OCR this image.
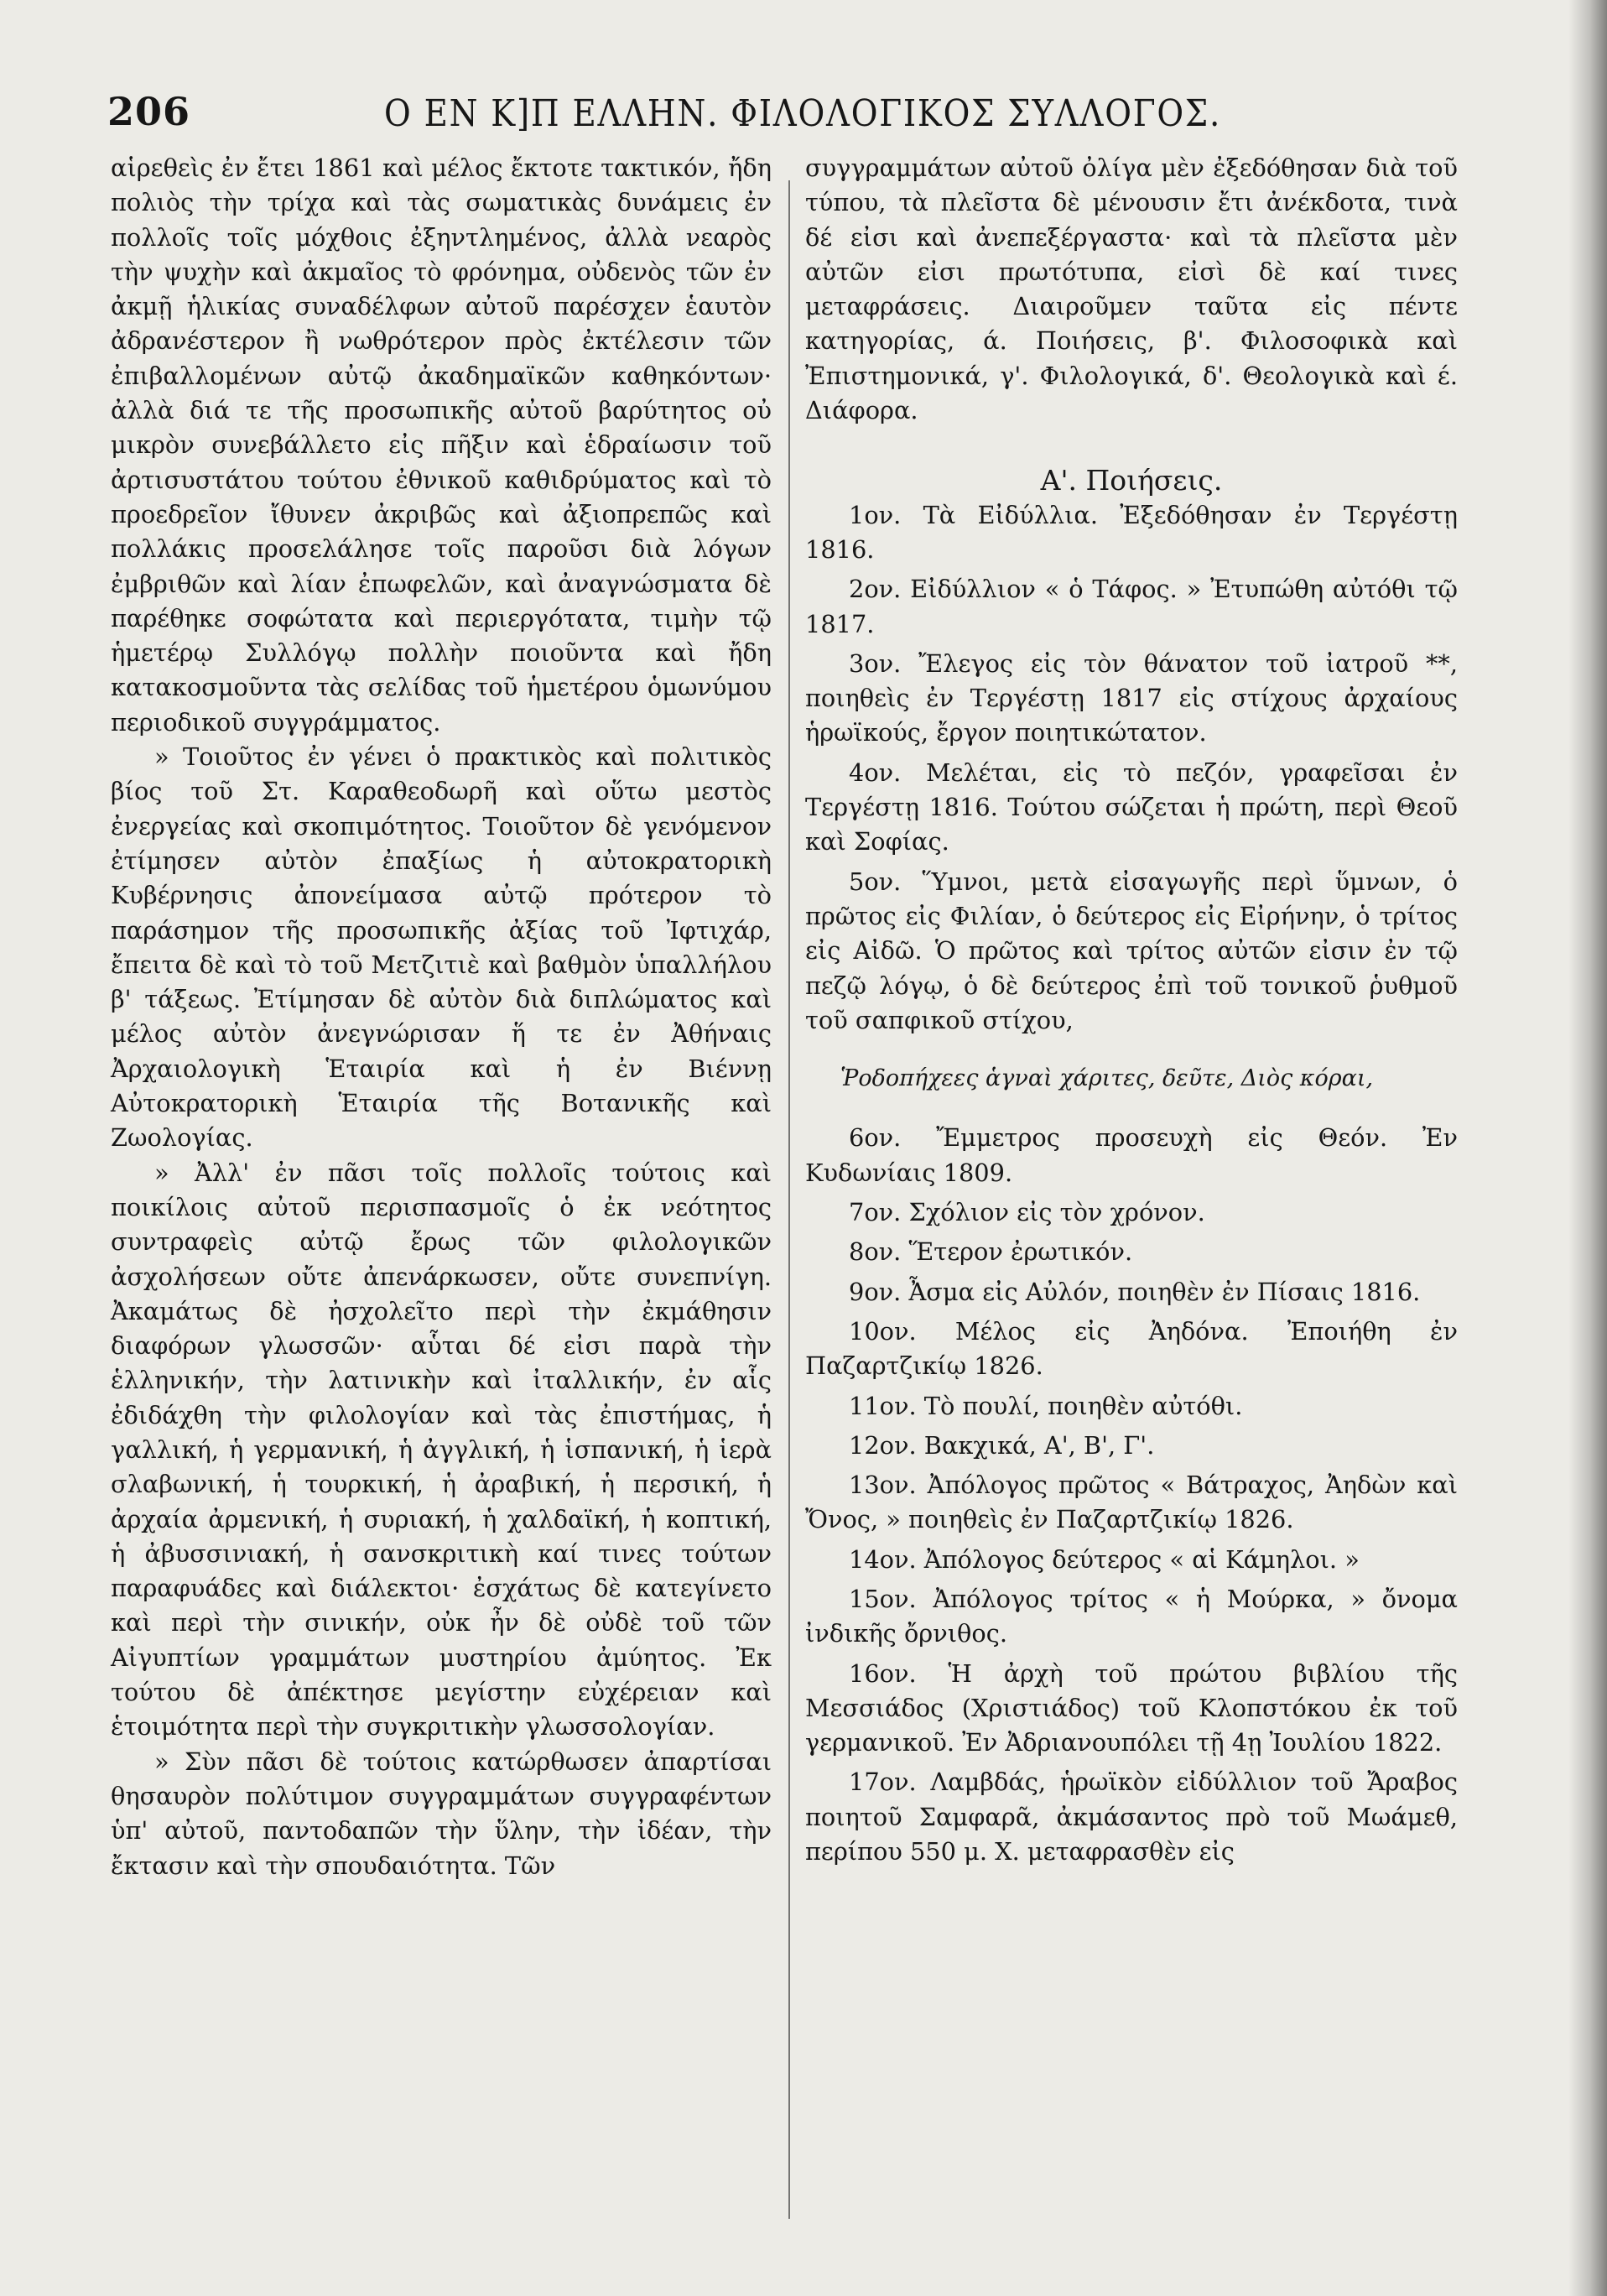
206	Ο ΕΝ Κ]Π ΕΛΛΗΝ. ΦΙΛΟΛΟΓΙΚΟΣ ΣΥΛΛΟΓΟΣ.

αἱρεθεὶς ἐν ἔτει 1861 καὶ μέλος ἔκτοτε τακτικόν, ἤδη πολιὸς τὴν τρίχα καὶ τὰς σωματικὰς δυνάμεις ἐν πολλοῖς τοῖς μόχθοις ἐξηντλημένος, ἀλλὰ νεαρὸς τὴν ψυχὴν καὶ ἀκμαῖος τὸ φρόνημα, οὐδενὸς τῶν ἐν ἀκμῇ ἡλικίας συναδέλφων αὐτοῦ παρέσχεν ἑαυτὸν ἀδρανέστερον ἢ νωθρότερον πρὸς ἐκτέλεσιν τῶν ἐπιβαλλομένων αὐτῷ ἀκαδημαϊκῶν καθηκόντων· ἀλλὰ διά τε τῆς προσωπικῆς αὐτοῦ βαρύτητος οὐ μικρὸν συνεβάλλετο εἰς πῆξιν καὶ ἑδραίωσιν τοῦ ἀρτισυστάτου τούτου ἐθνικοῦ καθιδρύματος καὶ τὸ προεδρεῖον ἴθυνεν ἀκριβῶς καὶ ἀξιοπρεπῶς καὶ πολλάκις προσελάλησε τοῖς παροῦσι διὰ λόγων ἐμβριθῶν καὶ λίαν ἐπωφελῶν, καὶ ἀναγνώσματα δὲ παρέθηκε σοφώτατα καὶ περιεργότατα, τιμὴν τῷ ἡμετέρῳ Συλλόγῳ πολλὴν ποιοῦντα καὶ ἤδη κατακοσμοῦντα τὰς σελίδας τοῦ ἡμετέρου ὁμωνύμου περιοδικοῦ συγγράμματος.

» Τοιοῦτος ἐν γένει ὁ πρακτικὸς καὶ πολιτικὸς βίος τοῦ Στ. Καραθεοδωρῆ καὶ οὕτω μεστὸς ἐνεργείας καὶ σκοπιμότητος. Τοιοῦτον δὲ γενόμενον ἐτίμησεν αὐτὸν ἐπαξίως ἡ αὐτοκρατορικὴ Κυβέρνησις ἀπονείμασα αὐτῷ πρότερον τὸ παράσημον τῆς προσωπικῆς ἀξίας τοῦ Ἰφτιχάρ, ἔπειτα δὲ καὶ τὸ τοῦ Μετζιτιὲ καὶ βαθμὸν ὑπαλλήλου β' τάξεως. Ἐτίμησαν δὲ αὐτὸν διὰ διπλώματος καὶ μέλος αὐτὸν ἀνεγνώρισαν ἥ τε ἐν Ἀθήναις Ἀρχαιολογικὴ Ἑταιρία καὶ ἡ ἐν Βιέννῃ Αὐτοκρατορικὴ Ἑταιρία τῆς Βοτανικῆς καὶ Ζωολογίας.

» Ἀλλ' ἐν πᾶσι τοῖς πολλοῖς τούτοις καὶ ποικίλοις αὐτοῦ περισπασμοῖς ὁ ἐκ νεότητος συντραφεὶς αὐτῷ ἔρως τῶν φιλολογικῶν ἀσχολήσεων οὔτε ἀπενάρκωσεν, οὔτε συνεπνίγη. Ἀκαμάτως δὲ ἠσχολεῖτο περὶ τὴν ἐκμάθησιν διαφόρων γλωσσῶν· αὗται δέ εἰσι παρὰ τὴν ἑλληνικήν, τὴν λατινικὴν καὶ ἰταλλικήν, ἐν αἷς ἐδιδάχθη τὴν φιλολογίαν καὶ τὰς ἐπιστήμας, ἡ γαλλική, ἡ γερμανική, ἡ ἀγγλική, ἡ ἱσπανική, ἡ ἱερὰ σλαβωνική, ἡ τουρκική, ἡ ἀραβική, ἡ περσική, ἡ ἀρχαία ἀρμενική, ἡ συριακή, ἡ χαλδαϊκή, ἡ κοπτική, ἡ ἀβυσσινιακή, ἡ σανσκριτικὴ καί τινες τούτων παραφυάδες καὶ διάλεκτοι· ἐσχάτως δὲ κατεγίνετο καὶ περὶ τὴν σινικήν, οὐκ ἦν δὲ οὐδὲ τοῦ τῶν Αἰγυπτίων γραμμάτων μυστηρίου ἀμύητος. Ἐκ τούτου δὲ ἀπέκτησε μεγίστην εὐχέρειαν καὶ ἑτοιμότητα περὶ τὴν συγκριτικὴν γλωσσολογίαν.

» Σὺν πᾶσι δὲ τούτοις κατώρθωσεν ἀπαρτίσαι θησαυρὸν πολύτιμον συγγραμμάτων συγγραφέντων ὑπ' αὐτοῦ, παντοδαπῶν τὴν ὕλην, τὴν ἰδέαν, τὴν ἔκτασιν καὶ τὴν σπουδαιότητα. Τῶν

συγγραμμάτων αὐτοῦ ὀλίγα μὲν ἐξεδόθησαν διὰ τοῦ τύπου, τὰ πλεῖστα δὲ μένουσιν ἔτι ἀνέκδοτα, τινὰ δέ εἰσι καὶ ἀνεπεξέργαστα· καὶ τὰ πλεῖστα μὲν αὐτῶν εἰσι πρωτότυπα, εἰσὶ δὲ καί τινες μεταφράσεις. Διαιροῦμεν ταῦτα εἰς πέντε κατηγορίας, ά. Ποιήσεις, β'. Φιλοσοφικὰ καὶ Ἐπιστημονικά, γ'. Φιλολογικά, δ'. Θεολογικὰ καὶ έ. Διάφορα.

Α'. Ποιήσεις.

1ον. Τὰ Εἰδύλλια. Ἐξεδόθησαν ἐν Τεργέστῃ 1816.

2ον. Εἰδύλλιον « ὁ Τάφος. » Ἐτυπώθη αὐτόθι τῷ 1817.

3ον. Ἔλεγος εἰς τὸν θάνατον τοῦ ἰατροῦ **, ποιηθεὶς ἐν Τεργέστῃ 1817 εἰς στίχους ἀρχαίους ἡρωϊκούς, ἔργον ποιητικώτατον.

4ον. Μελέται, εἰς τὸ πεζόν, γραφεῖσαι ἐν Τεργέστῃ 1816. Τούτου σώζεται ἡ πρώτη, περὶ Θεοῦ καὶ Σοφίας.

5ον. Ὕμνοι, μετὰ εἰσαγωγῆς περὶ ὕμνων, ὁ πρῶτος εἰς Φιλίαν, ὁ δεύτερος εἰς Εἰρήνην, ὁ τρίτος εἰς Αἰδῶ. Ὁ πρῶτος καὶ τρίτος αὐτῶν εἰσιν ἐν τῷ πεζῷ λόγῳ, ὁ δὲ δεύτερος ἐπὶ τοῦ τονικοῦ ῥυθμοῦ τοῦ σαπφικοῦ στίχου,

Ῥοδοπήχεες ἁγναὶ χάριτες, δεῦτε, Διὸς κόραι,

6ον. Ἔμμετρος προσευχὴ εἰς Θεόν. Ἐν Κυδωνίαις 1809.

7ον. Σχόλιον εἰς τὸν χρόνον.

8ον. Ἕτερον ἐρωτικόν.

9ον. Ἆσμα εἰς Αὐλόν, ποιηθὲν ἐν Πίσαις 1816.

10ον. Μέλος εἰς Ἀηδόνα. Ἐποιήθη ἐν Παζαρτζικίῳ 1826.

11ον. Τὸ πουλί, ποιηθὲν αὐτόθι.

12ον. Βακχικά, Α', Β', Γ'.

13ον. Ἀπόλογος πρῶτος « Βάτραχος, Ἀηδὼν καὶ Ὄνος, » ποιηθεὶς ἐν Παζαρτζικίῳ 1826.

14ον. Ἀπόλογος δεύτερος « αἱ Κάμηλοι. »

15ον. Ἀπόλογος τρίτος « ἡ Μούρκα, » ὄνομα ἰνδικῆς ὄρνιθος.

16ον. Ἡ ἀρχὴ τοῦ πρώτου βιβλίου τῆς Μεσσιάδος (Χριστιάδος) τοῦ Κλοπστόκου ἐκ τοῦ γερμανικοῦ. Ἐν Ἀδριανουπόλει τῇ 4ῃ Ἰουλίου 1822.

17ον. Λαμβδάς, ἡρωϊκὸν εἰδύλλιον τοῦ Ἄραβος ποιητοῦ Σαμφαρᾶ, ἀκμάσαντος πρὸ τοῦ Μωάμεθ, περίπου 550 μ. Χ. μεταφρασθὲν εἰς
